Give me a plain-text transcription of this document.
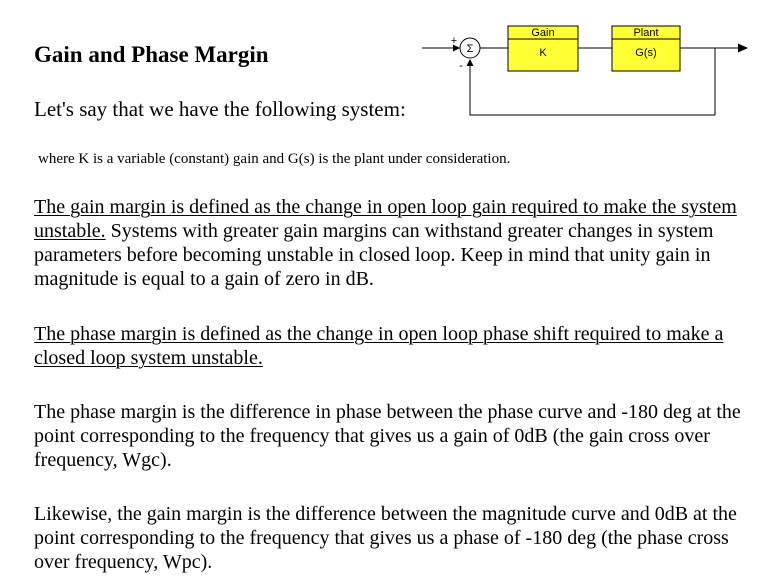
Gain and Phase Margin	Σ
+
-
Gain
K
Plant
G(s)

Let's say that we have the following system:

where K is a variable (constant) gain and G(s) is the plant under consideration.

The gain margin is defined as the change in open loop gain required to make the system unstable. Systems with greater gain margins can withstand greater changes in system parameters before becoming unstable in closed loop. Keep in mind that unity gain in magnitude is equal to a gain of zero in dB.

The phase margin is defined as the change in open loop phase shift required to make a closed loop system unstable.

The phase margin is the difference in phase between the phase curve and -180 deg at the point corresponding to the frequency that gives us a gain of 0dB (the gain cross over frequency, Wgc).

Likewise, the gain margin is the difference between the magnitude curve and 0dB at the point corresponding to the frequency that gives us a phase of -180 deg (the phase cross over frequency, Wpc).
